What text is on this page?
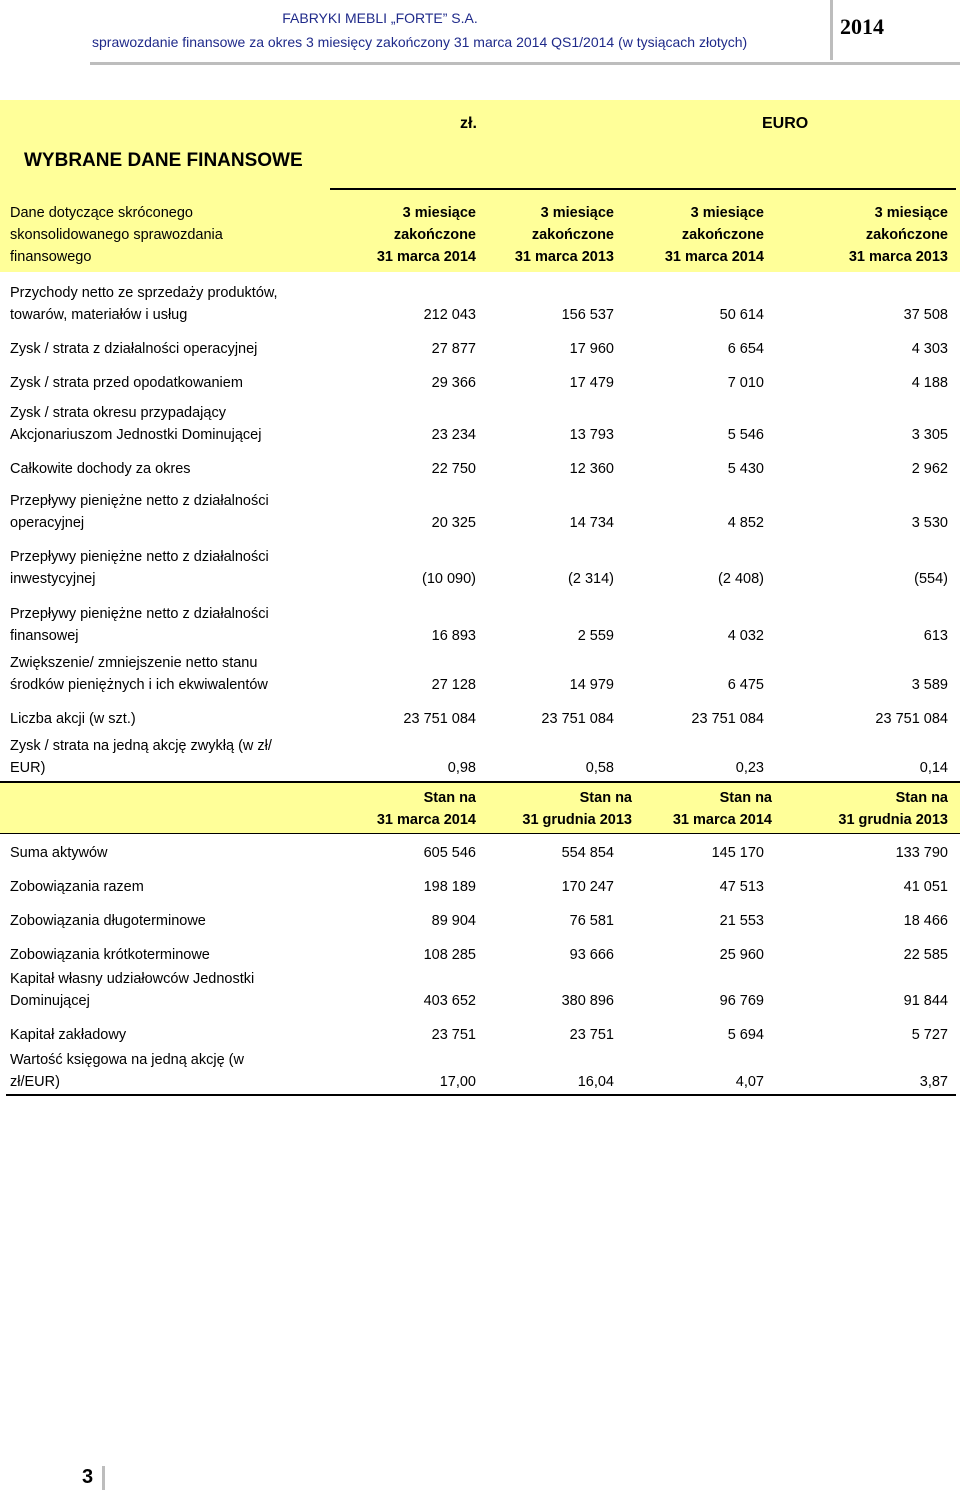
FABRYKI MEBLI „FORTE” S.A.
sprawozdanie finansowe za okres 3 miesięcy zakończony 31 marca 2014 QS1/2014 (w tysiącach złotych)
2014
zł.	EURO
WYBRANE DANE FINANSOWE
Dane dotyczące skróconego
skonsolidowanego sprawozdania
finansowego
3 miesiące
zakończone
31 marca 2014
3 miesiące
zakończone
31 marca 2013
3 miesiące
zakończone
31 marca 2014
3 miesiące
zakończone
31 marca 2013
Przychody netto ze sprzedaży produktów,
towarów, materiałów i usług	212 043	156 537	50 614	37 508
Zysk / strata z działalności operacyjnej	27 877	17 960	6 654	4 303
Zysk / strata przed opodatkowaniem	29 366	17 479	7 010	4 188
Zysk / strata okresu przypadający
Akcjonariuszom Jednostki Dominującej	23 234	13 793	5 546	3 305
Całkowite dochody za okres	22 750	12 360	5 430	2 962
Przepływy pieniężne netto z działalności
operacyjnej	20 325	14 734	4 852	3 530
Przepływy pieniężne netto z działalności
inwestycyjnej	(10 090)	(2 314)	(2 408)	(554)
Przepływy pieniężne netto z działalności
finansowej	16 893	2 559	4 032	613
Zwiększenie/ zmniejszenie netto stanu
środków pieniężnych i ich ekwiwalentów	27 128	14 979	6 475	3 589
Liczba akcji (w szt.)	23 751 084	23 751 084	23 751 084	23 751 084
Zysk / strata na jedną akcję zwykłą (w zł/
EUR)	0,98	0,58	0,23	0,14
Stan na
31 marca 2014
Stan na
31 grudnia 2013
Stan na
31 marca 2014
Stan na
31 grudnia 2013
Suma aktywów	605 546	554 854	145 170	133 790
Zobowiązania razem	198 189	170 247	47 513	41 051
Zobowiązania długoterminowe	89 904	76 581	21 553	18 466
Zobowiązania krótkoterminowe	108 285	93 666	25 960	22 585
Kapitał własny udziałowców Jednostki
Dominującej	403 652	380 896	96 769	91 844
Kapitał zakładowy	23 751	23 751	5 694	5 727
Wartość księgowa na jedną akcję (w
zł/EUR)	17,00	16,04	4,07	3,87
3
